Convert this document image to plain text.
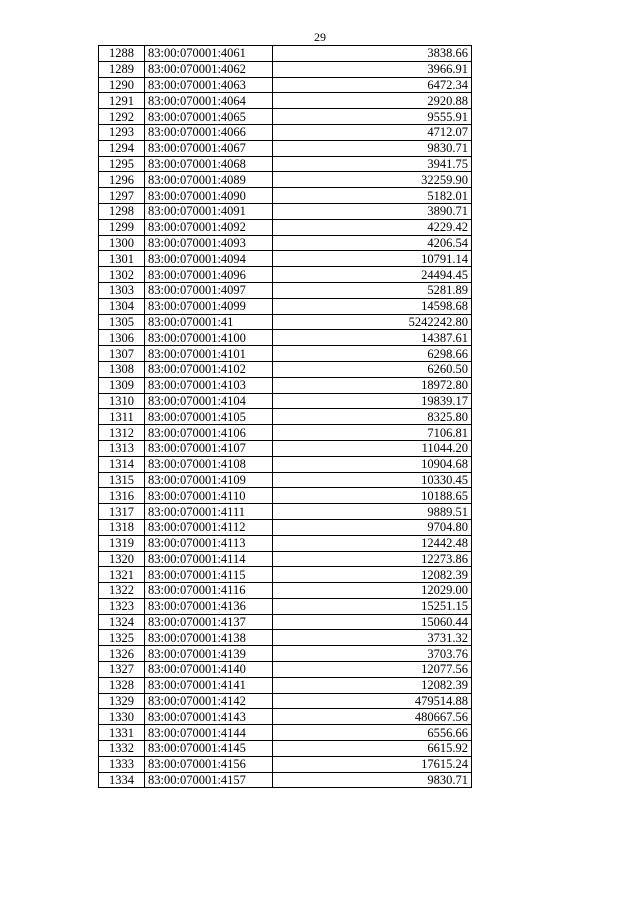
29
1288	83:00:070001:4061	3838.66
1289	83:00:070001:4062	3966.91
1290	83:00:070001:4063	6472.34
1291	83:00:070001:4064	2920.88
1292	83:00:070001:4065	9555.91
1293	83:00:070001:4066	4712.07
1294	83:00:070001:4067	9830.71
1295	83:00:070001:4068	3941.75
1296	83:00:070001:4089	32259.90
1297	83:00:070001:4090	5182.01
1298	83:00:070001:4091	3890.71
1299	83:00:070001:4092	4229.42
1300	83:00:070001:4093	4206.54
1301	83:00:070001:4094	10791.14
1302	83:00:070001:4096	24494.45
1303	83:00:070001:4097	5281.89
1304	83:00:070001:4099	14598.68
1305	83:00:070001:41	5242242.80
1306	83:00:070001:4100	14387.61
1307	83:00:070001:4101	6298.66
1308	83:00:070001:4102	6260.50
1309	83:00:070001:4103	18972.80
1310	83:00:070001:4104	19839.17
1311	83:00:070001:4105	8325.80
1312	83:00:070001:4106	7106.81
1313	83:00:070001:4107	11044.20
1314	83:00:070001:4108	10904.68
1315	83:00:070001:4109	10330.45
1316	83:00:070001:4110	10188.65
1317	83:00:070001:4111	9889.51
1318	83:00:070001:4112	9704.80
1319	83:00:070001:4113	12442.48
1320	83:00:070001:4114	12273.86
1321	83:00:070001:4115	12082.39
1322	83:00:070001:4116	12029.00
1323	83:00:070001:4136	15251.15
1324	83:00:070001:4137	15060.44
1325	83:00:070001:4138	3731.32
1326	83:00:070001:4139	3703.76
1327	83:00:070001:4140	12077.56
1328	83:00:070001:4141	12082.39
1329	83:00:070001:4142	479514.88
1330	83:00:070001:4143	480667.56
1331	83:00:070001:4144	6556.66
1332	83:00:070001:4145	6615.92
1333	83:00:070001:4156	17615.24
1334	83:00:070001:4157	9830.71
